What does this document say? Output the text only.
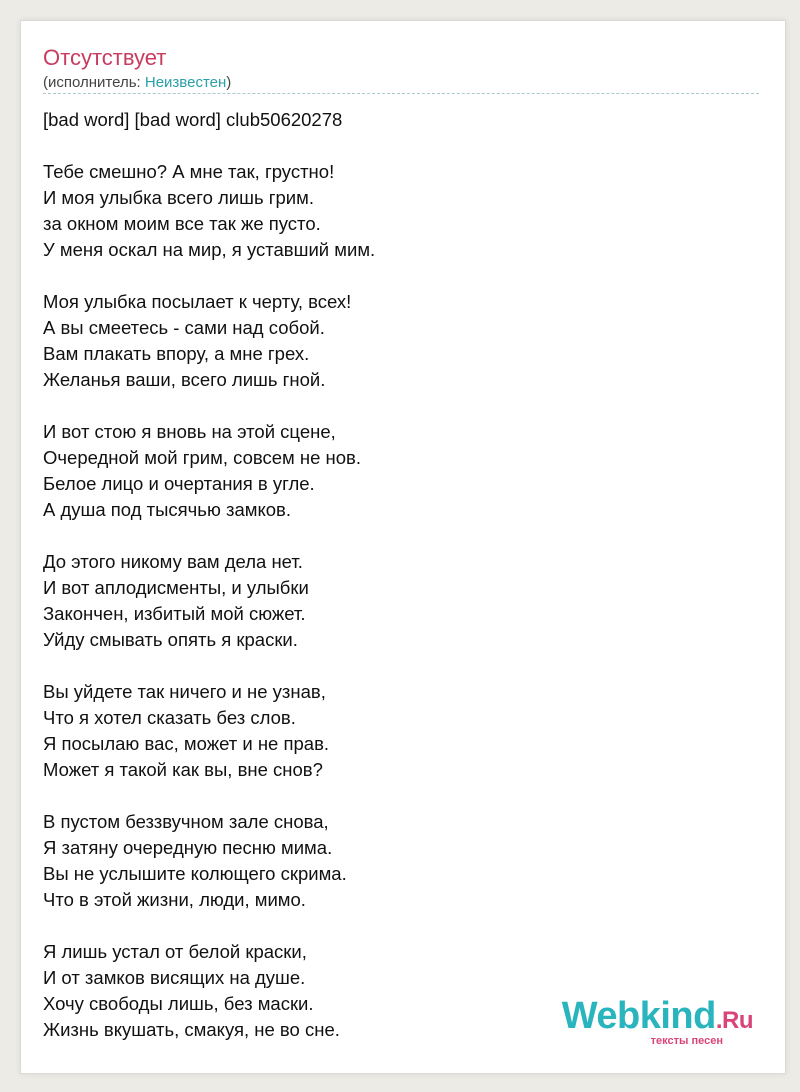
Отсутствует
(исполнитель: Неизвестен)
[bad word] [bad word] club50620278
Тебе смешно? А мне так, грустно!
И моя улыбка всего лишь грим.
за окном моим все так же пусто.
У меня оскал на мир, я уставший мим.
Моя улыбка посылает к черту, всех!
А вы смеетесь - сами над собой.
Вам плакать впору, а мне грех.
Желанья ваши, всего лишь гной.
И вот стою я вновь на этой сцене,
Очередной мой грим, совсем не нов.
Белое лицо и очертания в угле.
А душа под тысячью замков.
До этого никому вам дела нет.
И вот аплодисменты, и улыбки
Закончен, избитый мой сюжет.
Уйду смывать опять я краски.
Вы уйдете так ничего и не узнав,
Что я хотел сказать без слов.
Я посылаю вас, может и не прав.
Может я такой как вы, вне снов?
В пустом беззвучном зале снова,
Я затяну очередную песню мима.
Вы не услышите колющего скрима.
Что в этой жизни, люди, мимо.
Я лишь устал от белой краски,
И от замков висящих на душе.
Хочу свободы лишь, без маски.
Жизнь вкушать, смакуя, не во сне.	Webkind.Ru
тексты песен
